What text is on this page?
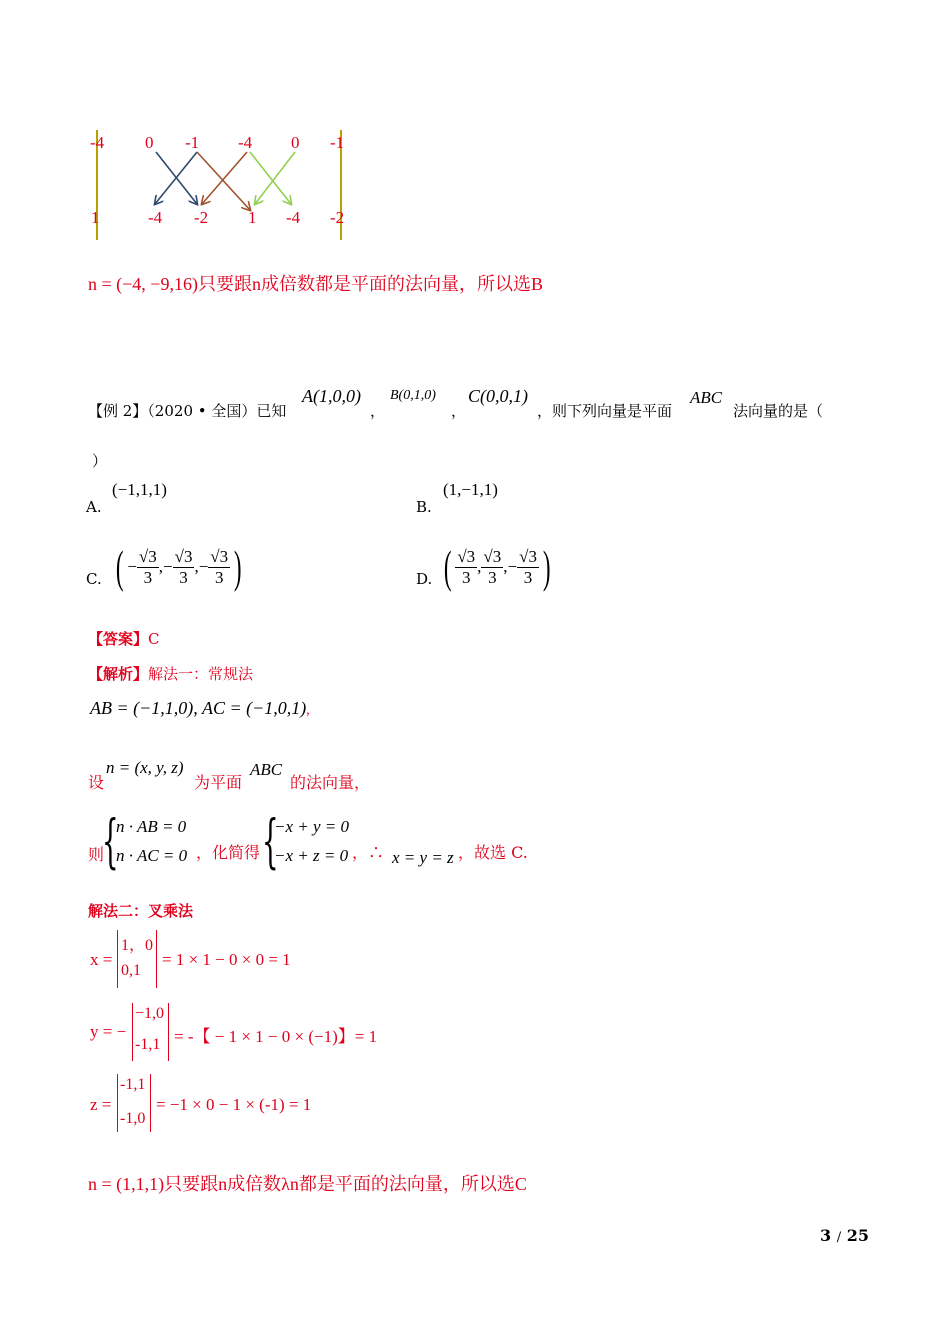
-4 0 -1 -4 0 -1
1	-4 -2 1 -4 -2
n = (−4, −9,16)只要跟n成倍数都是平面的法向量，所以选B
【例 2】（2020 • 全国）已知
A(1,0,0)
，
B(0,1,0)
，
C(0,0,1)
，则下列向量是平面
ABC
法向量的是（
）
A.
(−1,1,1)
B.
(1,−1,1)
C. ( − $\frac{√3}{3}$ , − $\frac{√3}{3}$ , − $\frac{√3}{3}$ )	D. ( $\frac{√3}{3}$ , $\frac{√3}{3}$ , − $\frac{√3}{3}$ )
【答案】C
【解析】解法一：常规法
AB = (−1,1,0), AC = (−1,0,1),
设
n = (x, y, z)
为平面
ABC
的法向量，
则
{
n · AB = 0
n · AC = 0 ，化简得 {
−x + y = 0
−x + z = 0 ，∴ x = y = z ，故选 C.
解法二：叉乘法
x =
1，0
0,1
= 1 × 1 − 0 × 0 = 1
y = −
−1,0
-1,1 = -【 − 1 × 1 − 0 × (−1)】= 1
z =
-1,1
-1,0
= −1 × 0 − 1 × (-1) = 1
n = (1,1,1)只要跟n成倍数λn都是平面的法向量，所以选C
3 / 25
